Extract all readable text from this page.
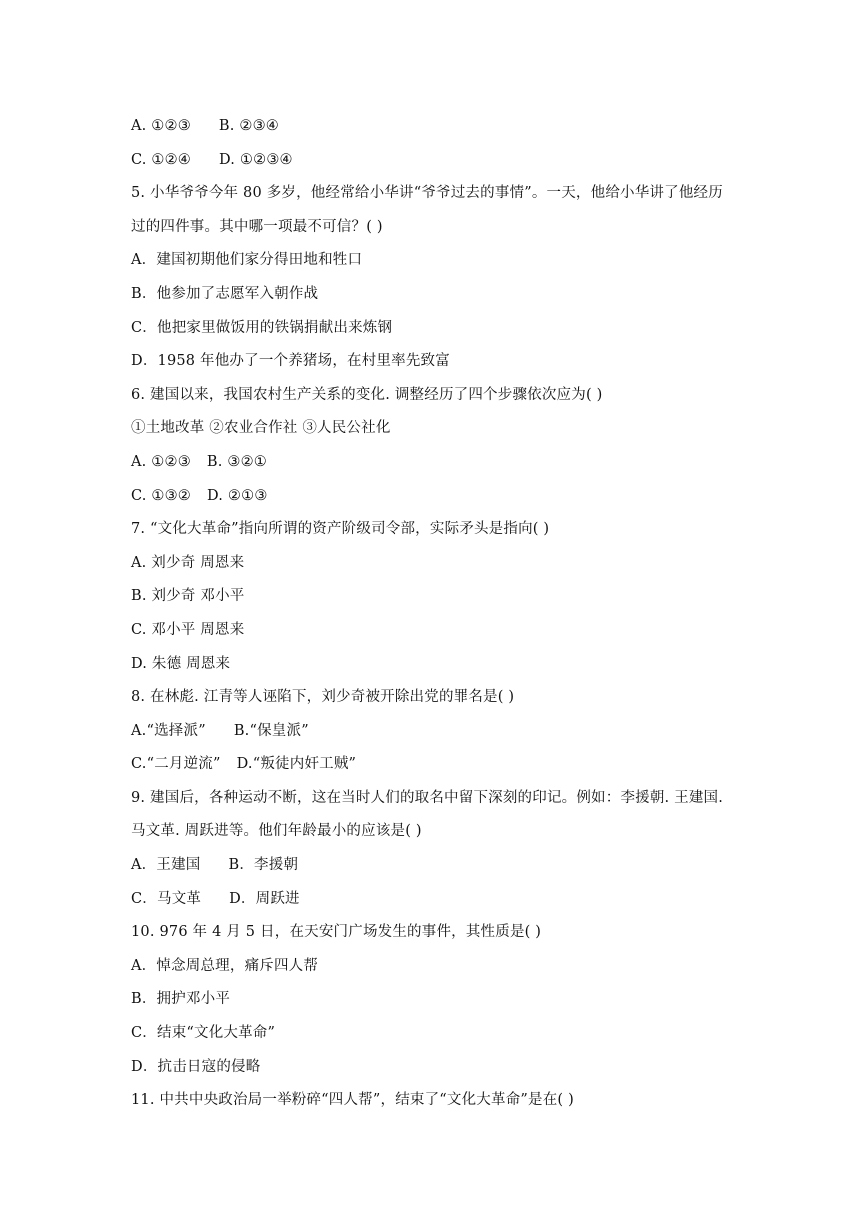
A. ①②③ B. ②③④
C. ①②④ D. ①②③④
5. 小华爷爷今年 80 多岁，他经常给小华讲“爷爷过去的事情”。一天，他给小华讲了他经历
过的四件事。其中哪一项最不可信？( )
A．建国初期他们家分得田地和牲口
B．他参加了志愿军入朝作战
C．他把家里做饭用的铁锅捐献出来炼钢
D．1958 年他办了一个养猪场，在村里率先致富
6. 建国以来，我国农村生产关系的变化. 调整经历了四个步骤依次应为( )
①土地改革 ②农业合作社 ③人民公社化
A. ①②③ B. ③②①
C. ①③② D. ②①③
7. “文化大革命”指向所谓的资产阶级司令部，实际矛头是指向( )
A. 刘少奇 周恩来
B. 刘少奇 邓小平
C. 邓小平 周恩来
D. 朱德 周恩来
8. 在林彪. 江青等人诬陷下，刘少奇被开除出党的罪名是( )
A.“选择派” B.“保皇派”
C.“二月逆流” D.“叛徒内奸工贼”
9. 建国后，各种运动不断，这在当时人们的取名中留下深刻的印记。例如：李援朝. 王建国.
马文革. 周跃进等。他们年龄最小的应该是( )
A．王建国 B．李援朝
C．马文革 D．周跃进
10. 976 年 4 月 5 日，在天安门广场发生的事件，其性质是( )
A．悼念周总理，痛斥四人帮
B．拥护邓小平
C．结束“文化大革命”
D．抗击日寇的侵略
11. 中共中央政治局一举粉碎“四人帮”，结束了“文化大革命”是在( )
